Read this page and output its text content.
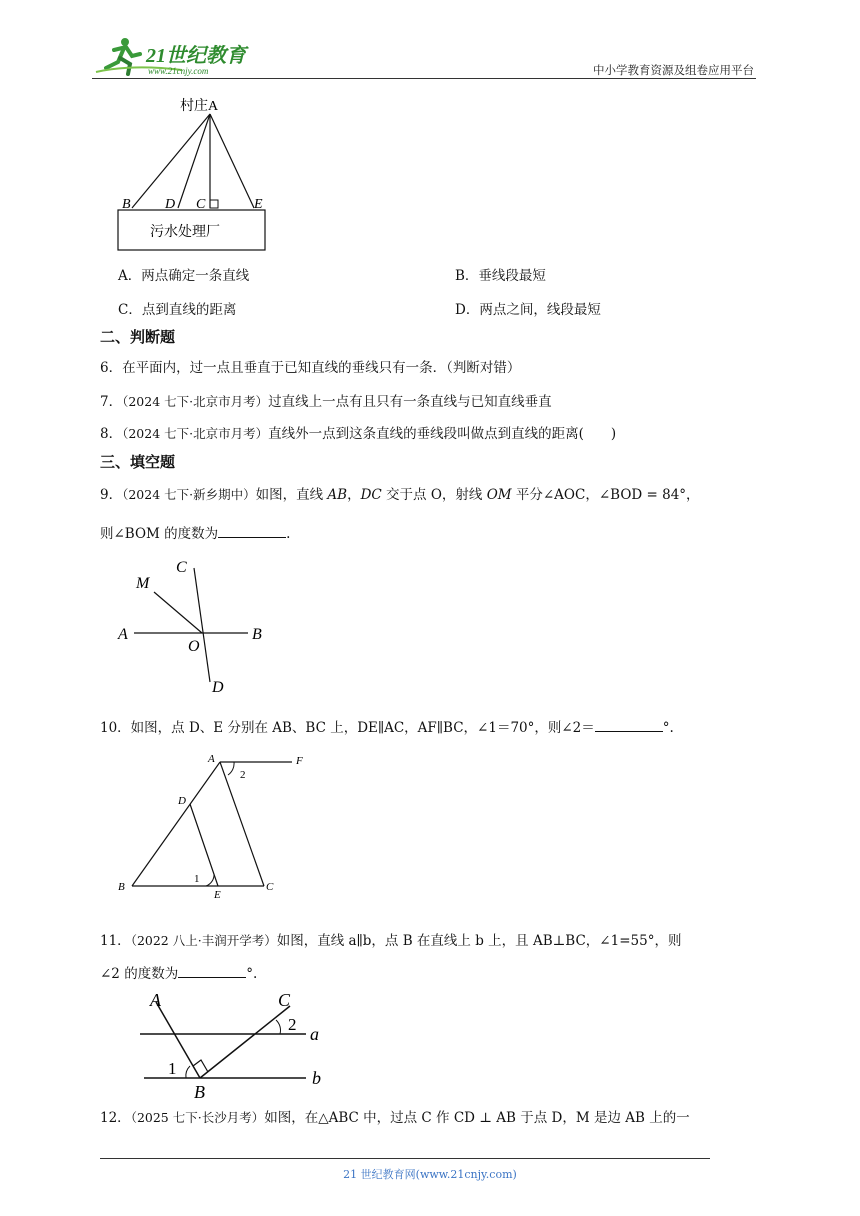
21世纪教育
www.21cnjy.com	中小学教育资源及组卷应用平台
村庄A
B D C	E
污水处理厂
A．两点确定一条直线	B．垂线段最短
C．点到直线的距离	D．两点之间，线段最短
二、判断题
6．在平面内，过一点且垂直于已知直线的垂线只有一条．（判断对错）
7．（2024 七下·北京市月考）过直线上一点有且只有一条直线与已知直线垂直
8．（2024 七下·北京市月考）直线外一点到这条直线的垂线段叫做点到直线的距离(　　)
三、填空题
9．（2024 七下·新乡期中）如图，直线 AB，DC 交于点 O，射线 OM 平分∠AOC，∠BOD = 84°，
则∠BOM 的度数为	.
C
M
A	B
O
D
10．如图，点 D、E 分别在 AB、BC 上，DE∥AC，AF∥BC，∠1＝70°，则∠2＝	°.
A	F
2
D
1
B
E
C
11．（2022 八上·丰润开学考）如图，直线 a∥b，点 B 在直线上 b 上，且 AB⊥BC，∠1=55°，则
∠2 的度数为	°.
A	C
2 a
1
B
b
12．（2025 七下·长沙月考）如图，在△ABC 中，过点 C 作 CD ⊥ AB 于点 D，M 是边 AB 上的一
21 世纪教育网(www.21cnjy.com)
